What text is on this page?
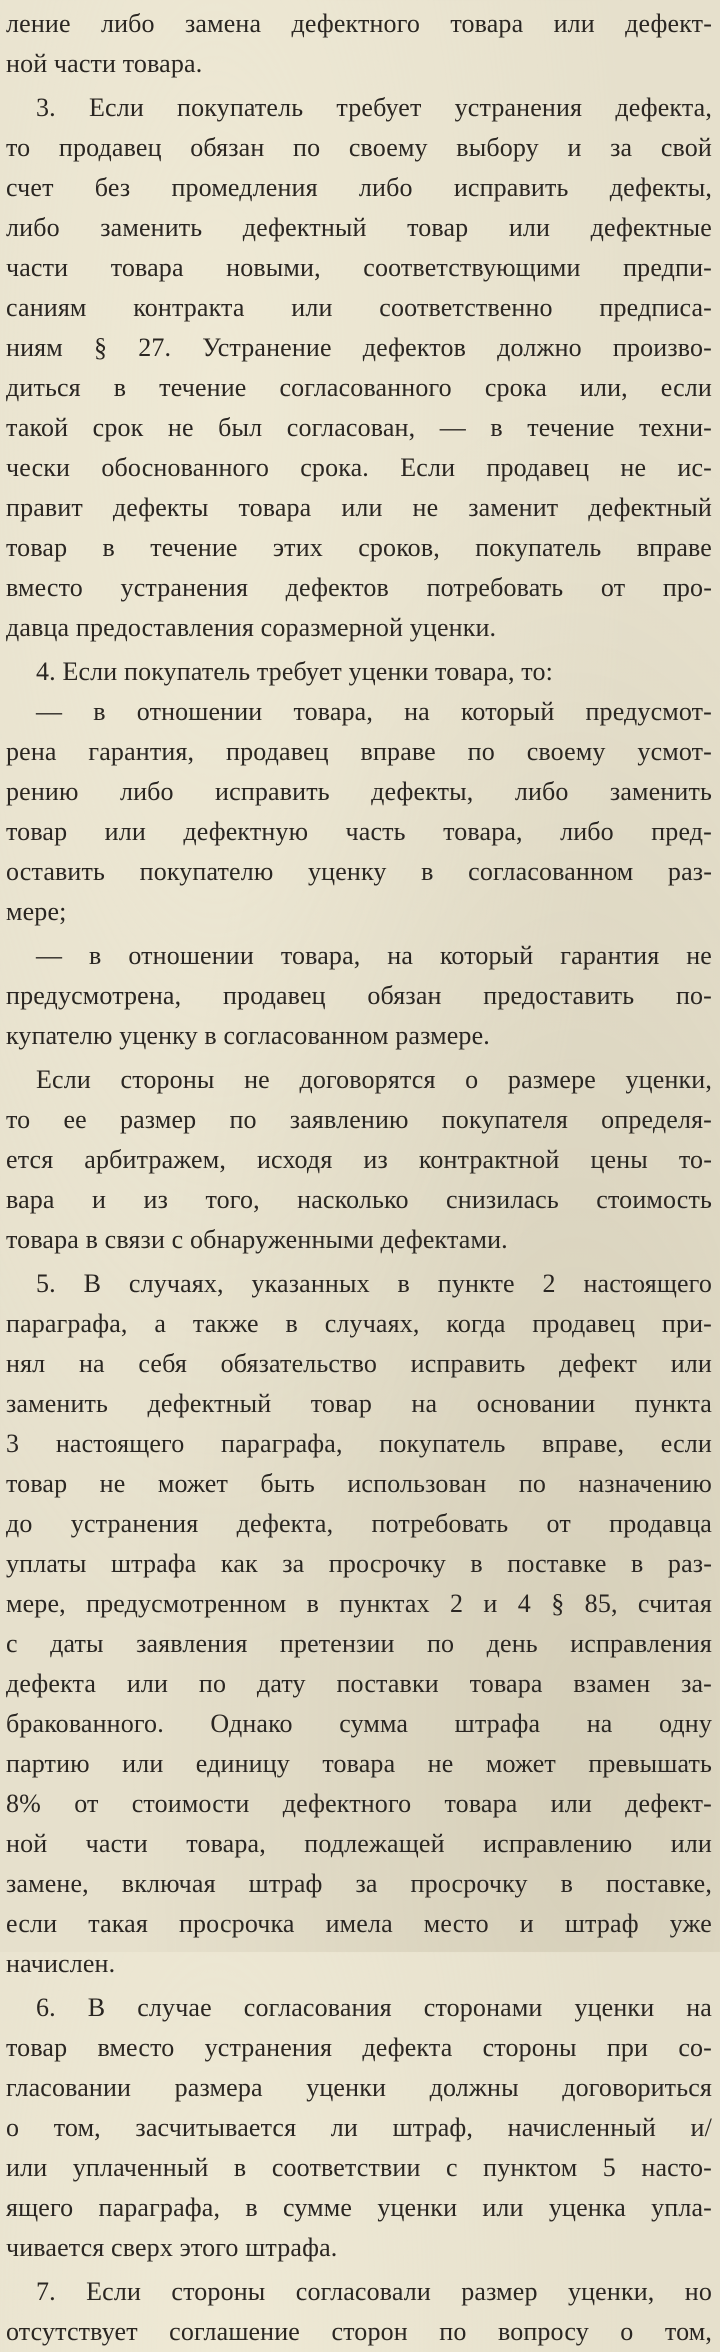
ление либо замена дефектного товара или дефект-
ной части товара.
3. Если покупатель требует устранения дефекта,
то продавец обязан по своему выбору и за свой
счет без промедления либо исправить дефекты,
либо заменить дефектный товар или дефектные
части товара новыми, соответствующими предпи-
саниям контракта или соответственно предписа-
ниям § 27. Устранение дефектов должно произво-
диться в течение согласованного срока или, если
такой срок не был согласован, — в течение техни-
чески обоснованного срока. Если продавец не ис-
правит дефекты товара или не заменит дефектный
товар в течение этих сроков, покупатель вправе
вместо устранения дефектов потребовать от про-
давца предоставления соразмерной уценки.
4. Если покупатель требует уценки товара, то:
— в отношении товара, на который предусмот-
рена гарантия, продавец вправе по своему усмот-
рению либо исправить дефекты, либо заменить
товар или дефектную часть товара, либо пред-
оставить покупателю уценку в согласованном раз-
мере;
— в отношении товара, на который гарантия не
предусмотрена, продавец обязан предоставить по-
купателю уценку в согласованном размере.
Если стороны не договорятся о размере уценки,
то ее размер по заявлению покупателя определя-
ется арбитражем, исходя из контрактной цены то-
вара и из того, насколько снизилась стоимость
товара в связи с обнаруженными дефектами.
5. В случаях, указанных в пункте 2 настоящего
параграфа, а также в случаях, когда продавец при-
нял на себя обязательство исправить дефект или
заменить дефектный товар на основании пункта
3 настоящего параграфа, покупатель вправе, если
товар не может быть использован по назначению
до устранения дефекта, потребовать от продавца
уплаты штрафа как за просрочку в поставке в раз-
мере, предусмотренном в пунктах 2 и 4 § 85, считая
с даты заявления претензии по день исправления
дефекта или по дату поставки товара взамен за-
бракованного. Однако сумма штрафа на одну
партию или единицу товара не может превышать
8% от стоимости дефектного товара или дефект-
ной части товара, подлежащей исправлению или
замене, включая штраф за просрочку в поставке,
если такая просрочка имела место и штраф уже
начислен.
6. В случае согласования сторонами уценки на
товар вместо устранения дефекта стороны при со-
гласовании размера уценки должны договориться
о том, засчитывается ли штраф, начисленный и/
или уплаченный в соответствии с пунктом 5 насто-
ящего параграфа, в сумме уценки или уценка упла-
чивается сверх этого штрафа.
7. Если стороны согласовали размер уценки, но
отсутствует соглашение сторон по вопросу о том,
